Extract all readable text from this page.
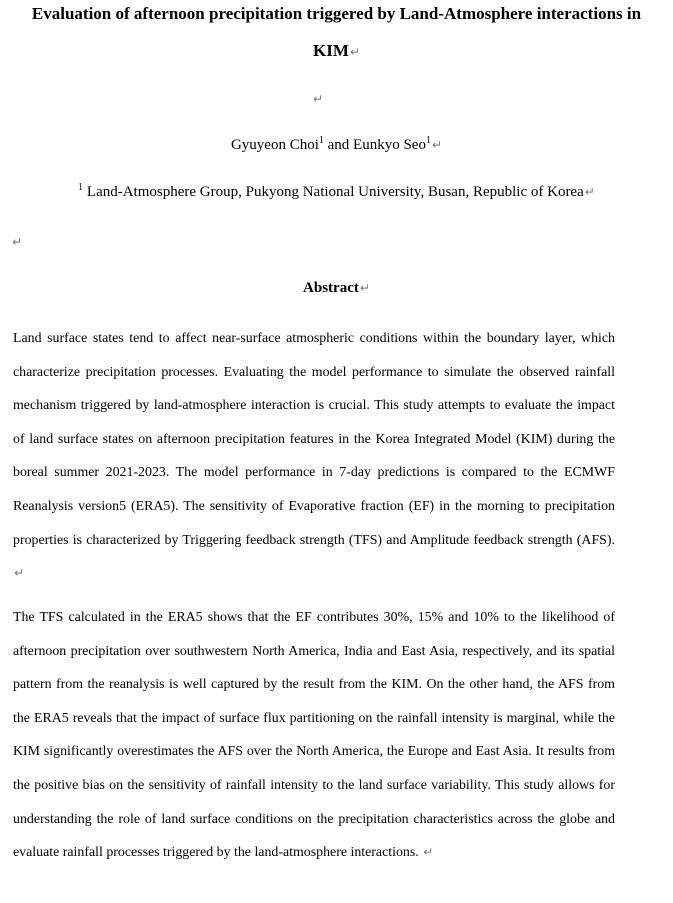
Evaluation of afternoon precipitation triggered by Land-Atmosphere interactions in
KIM↵
↵
Gyuyeon Choi$^1$ and Eunkyo Seo$^1$↵
$^1$ Land-Atmosphere Group, Pukyong National University, Busan, Republic of Korea↵
↵
Abstract↵
Land surface states tend to affect near-surface atmospheric conditions within the boundary layer, which characterize precipitation processes. Evaluating the model performance to simulate the observed rainfall mechanism triggered by land-atmosphere interaction is crucial. This study attempts to evaluate the impact of land surface states on afternoon precipitation features in the Korea Integrated Model (KIM) during the boreal summer 2021-2023. The model performance in 7-day predictions is compared to the ECMWF Reanalysis version5 (ERA5). The sensitivity of Evaporative fraction (EF) in the morning to precipitation properties is characterized by Triggering feedback strength (TFS) and Amplitude feedback strength (AFS). ↵
The TFS calculated in the ERA5 shows that the EF contributes 30%, 15% and 10% to the likelihood of afternoon precipitation over southwestern North America, India and East Asia, respectively, and its spatial pattern from the reanalysis is well captured by the result from the KIM. On the other hand, the AFS from the ERA5 reveals that the impact of surface flux partitioning on the rainfall intensity is marginal, while the KIM significantly overestimates the AFS over the North America, the Europe and East Asia. It results from the positive bias on the sensitivity of rainfall intensity to the land surface variability. This study allows for understanding the role of land surface conditions on the precipitation characteristics across the globe and evaluate rainfall processes triggered by the land-atmosphere interactions. ↵
